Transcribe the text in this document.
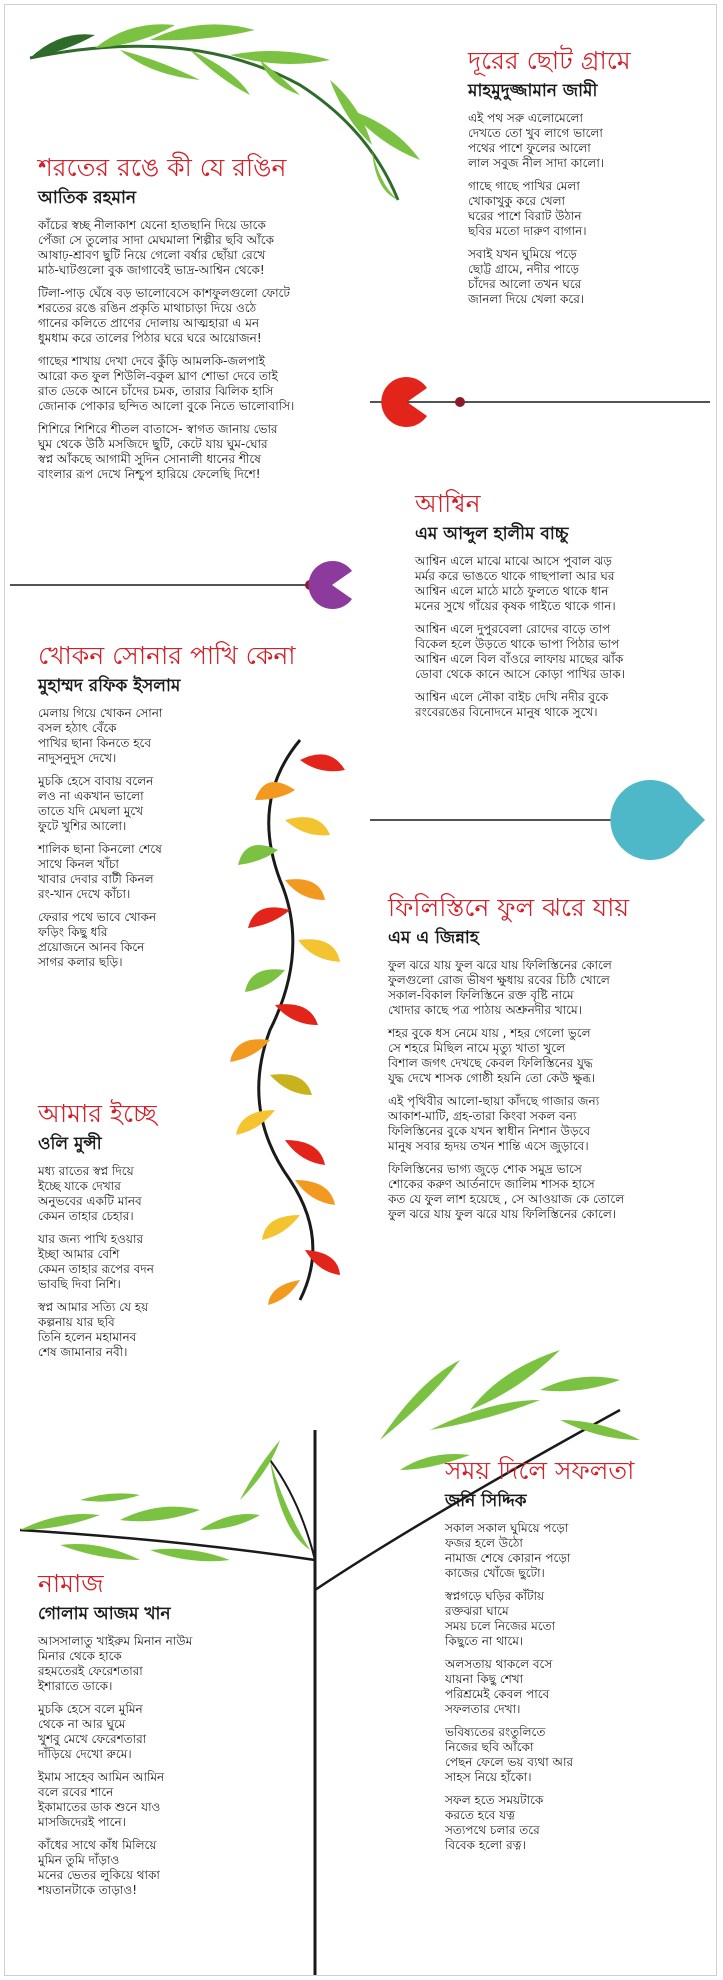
দূরের ছোট গ্রামে
মাহমুদুজ্জামান জামী
এই পথ সরু এলোমেলো
দেখতে তো খুব লাগে ভালো
পথের পাশে ফুলের আলো
লাল সবুজ নীল সাদা কালো।
গাছে গাছে পাখির মেলা
খোকাখুকু করে খেলা
ঘরের পাশে বিরাট উঠান
ছবির মতো দারুণ বাগান।
সবাই যখন ঘুমিয়ে পড়ে
ছোট্ট গ্রামে, নদীর পাড়ে
চাঁদের আলো তখন ঘরে
জানলা দিয়ে খেলা করে।
শরতের রঙে কী যে রঙিন
আতিক রহমান
কাঁচের স্বচ্ছ নীলাকাশ যেনো হাতছানি দিয়ে ডাকে
পেঁজা সে তুলোর সাদা মেঘমালা শিল্পীর ছবি আঁকে
আষাঢ়-শ্রাবণ ছুটি নিয়ে গেলো বর্ষার ছোঁয়া রেখে
মাঠ-ঘাটগুলো বুক জাগাবেই ভাদ্র-আশ্বিন থেকে!
টিলা-পাড় ঘেঁষে বড় ভালোবেসে কাশফুলগুলো ফোটে
শরতের রঙে রঙিন প্রকৃতি মাথাচাড়া দিয়ে ওঠে
গানের কলিতে প্রাণের দোলায় আত্মহারা এ মন
ধুমধাম করে তালের পিঠার ঘরে ঘরে আয়োজন!
গাছের শাখায় দেখা দেবে কুঁড়ি আমলকি-জলপাই
আরো কত ফুল শিউলি-বকুল ঘ্রাণ শোভা দেবে তাই
রাত ডেকে আনে চাঁদের চমক, তারার ঝিলিক হাসি
জোনাক পোকার ছন্দিত আলো বুকে নিতে ভালোবাসি।
শিশিরে শিশিরে শীতল বাতাসে- স্বাগত জানায় ভোর
ঘুম থেকে উঠি মসজিদে ছুটি, কেটে যায় ঘুম-ঘোর
স্বপ্ন আঁকছে আগামী সুদিন সোনালী ধানের শীষে
বাংলার রূপ দেখে নিশ্চুপ হারিয়ে ফেলেছি দিশে!
আশ্বিন
এম আব্দুল হালীম বাচ্চু
আশ্বিন এলে মাঝে মাঝে আসে পুবাল ঝড়
মর্মর করে ভাঙতে থাকে গাছপালা আর ঘর
আশ্বিন এলে মাঠে মাঠে ফুলতে থাকে ধান
মনের সুখে গাঁয়ের কৃষক গাইতে থাকে গান।
আশ্বিন এলে দুপুরবেলা রোদের বাড়ে তাপ
বিকেল হলে উড়তে থাকে ভাপা পিঠার ভাপ
আশ্বিন এলে বিল বাঁওরে লাফায় মাছের ঝাঁক
ডোবা থেকে কানে আসে কোড়া পাখির ডাক।
আশ্বিন এলে নৌকা বাইচ দেখি নদীর বুকে
রংবেরঙের বিনোদনে মানুষ থাকে সুখে।
খোকন সোনার পাখি কেনা
মুহাম্মদ রফিক ইসলাম
মেলায় গিয়ে খোকন সোনা
বসল হঠাৎ বেঁকে
পাখির ছানা কিনতে হবে
নাদুসনুদুস দেখে।
মুচকি হেসে বাবায় বলেন
লও না একখান ভালো
তাতে যদি মেঘলা মুখে
ফুটে খুশির আলো।
শালিক ছানা কিনলো শেষে
সাথে কিনল খাঁচা
খাবার দেবার বাটী কিনল
রং-খান দেখে কাঁচা।
ফেরার পথে ভাবে খোকন
ফড়িং কিছু ধরি
প্রয়োজনে আনব কিনে
সাগর কলার ছড়ি।
ফিলিস্তিনে ফুল ঝরে যায়
এম এ জিন্নাহ
ফুল ঝরে যায় ফুল ঝরে যায় ফিলিস্তিনের কোলে
ফুলগুলো রোজ ভীষণ ক্ষুধায় রবের চিঠি খোলে
সকাল-বিকাল ফিলিস্তিনে রক্ত বৃষ্টি নামে
খোদার কাছে পত্র পাঠায় অশ্রুনদীর খামে।
শহর বুকে ধস নেমে যায় , শহর গেলো ভুলে
সে শহরে মিছিল নামে মৃত্যু খাতা খুলে
বিশাল জগৎ দেখছে কেবল ফিলিস্তিনের যুদ্ধ
যুদ্ধ দেখে শাসক গোষ্ঠী হয়নি তো কেউ ক্ষুব্ধ।
এই পৃথিবীর আলো-ছায়া কাঁদছে গাজার জন্য
আকাশ-মাটি, গ্রহ-তারা কিংবা সকল বন্য
ফিলিস্তিনের বুকে যখন স্বাধীন নিশান উড়বে
মানুষ সবার হৃদয় তখন শান্তি এসে জুড়াবে।
ফিলিস্তিনের ভাগ্য জুড়ে শোক সমুদ্র ভাসে
শোকের করুণ আর্তনাদে জালিম শাসক হাসে
কত যে ফুল লাশ হয়েছে , সে আওয়াজ কে তোলে
ফুল ঝরে যায় ফুল ঝরে যায় ফিলিস্তিনের কোলে।
আমার ইচ্ছে
ওলি মুন্সী
মধ্য রাতের স্বপ্ন দিয়ে
ইচ্ছে যাকে দেখার
অনুভবের একটি মানব
কেমন তাহার চেহার।
যার জন্য পাখি হওয়ার
ইচ্ছা আমার বেশি
কেমন তাহার রূপের বদন
ভাবছি দিবা নিশি।
স্বপ্ন আমার সত্যি যে হয়
কল্পনায় যার ছবি
তিনি হলেন মহামানব
শেষ জামানার নবী।
সময় দিলে সফলতা
জনি সিদ্দিক
সকাল সকাল ঘুমিয়ে পড়ো
ফজর হলে উঠো
নামাজ শেষে কোরান পড়ো
কাজের খোঁজে ছুটো।
স্বপ্নগড়ে ঘড়ির কাঁটায়
রক্তঝরা ঘামে
সময় চলে নিজের মতো
কিছুতে না থামে।
অলসতায় থাকলে বসে
যায়না কিছু শেখা
পরিশ্রমেই কেবল পাবে
সফলতার দেখা।
ভবিষ্যতের রংতুলিতে
নিজের ছবি আঁকো
পেছন ফেলে ভয় ব্যথা আর
সাহস নিয়ে হাঁকো।
সফল হতে সময়টাকে
করতে হবে যত্ন
সত্যপথে চলার তরে
বিবেক হলো রত্ন।
নামাজ
গোলাম আজম খান
আসসালাতু খাইরুম মিনান নাউম
মিনার থেকে হাকে
রহমতেরই ফেরেশতারা
ইশারাতে ডাকে।
মুচকি হেসে বলে মুমিন
থেকে না আর ঘুমে
খুশবু মেখে ফেরেশতারা
দাঁড়িয়ে দেখো রুমে।
ইমাম সাহেব আমিন আমিন
বলে রবের শানে
ইকামাতের ডাক শুনে যাও
মাসজিদেরই পানে।
কাঁধের সাথে কাঁধ মিলিয়ে
মুমিন তুমি দাঁড়াও
মনের ভেতর লুকিয়ে থাকা
শয়তানটাকে তাড়াও!
